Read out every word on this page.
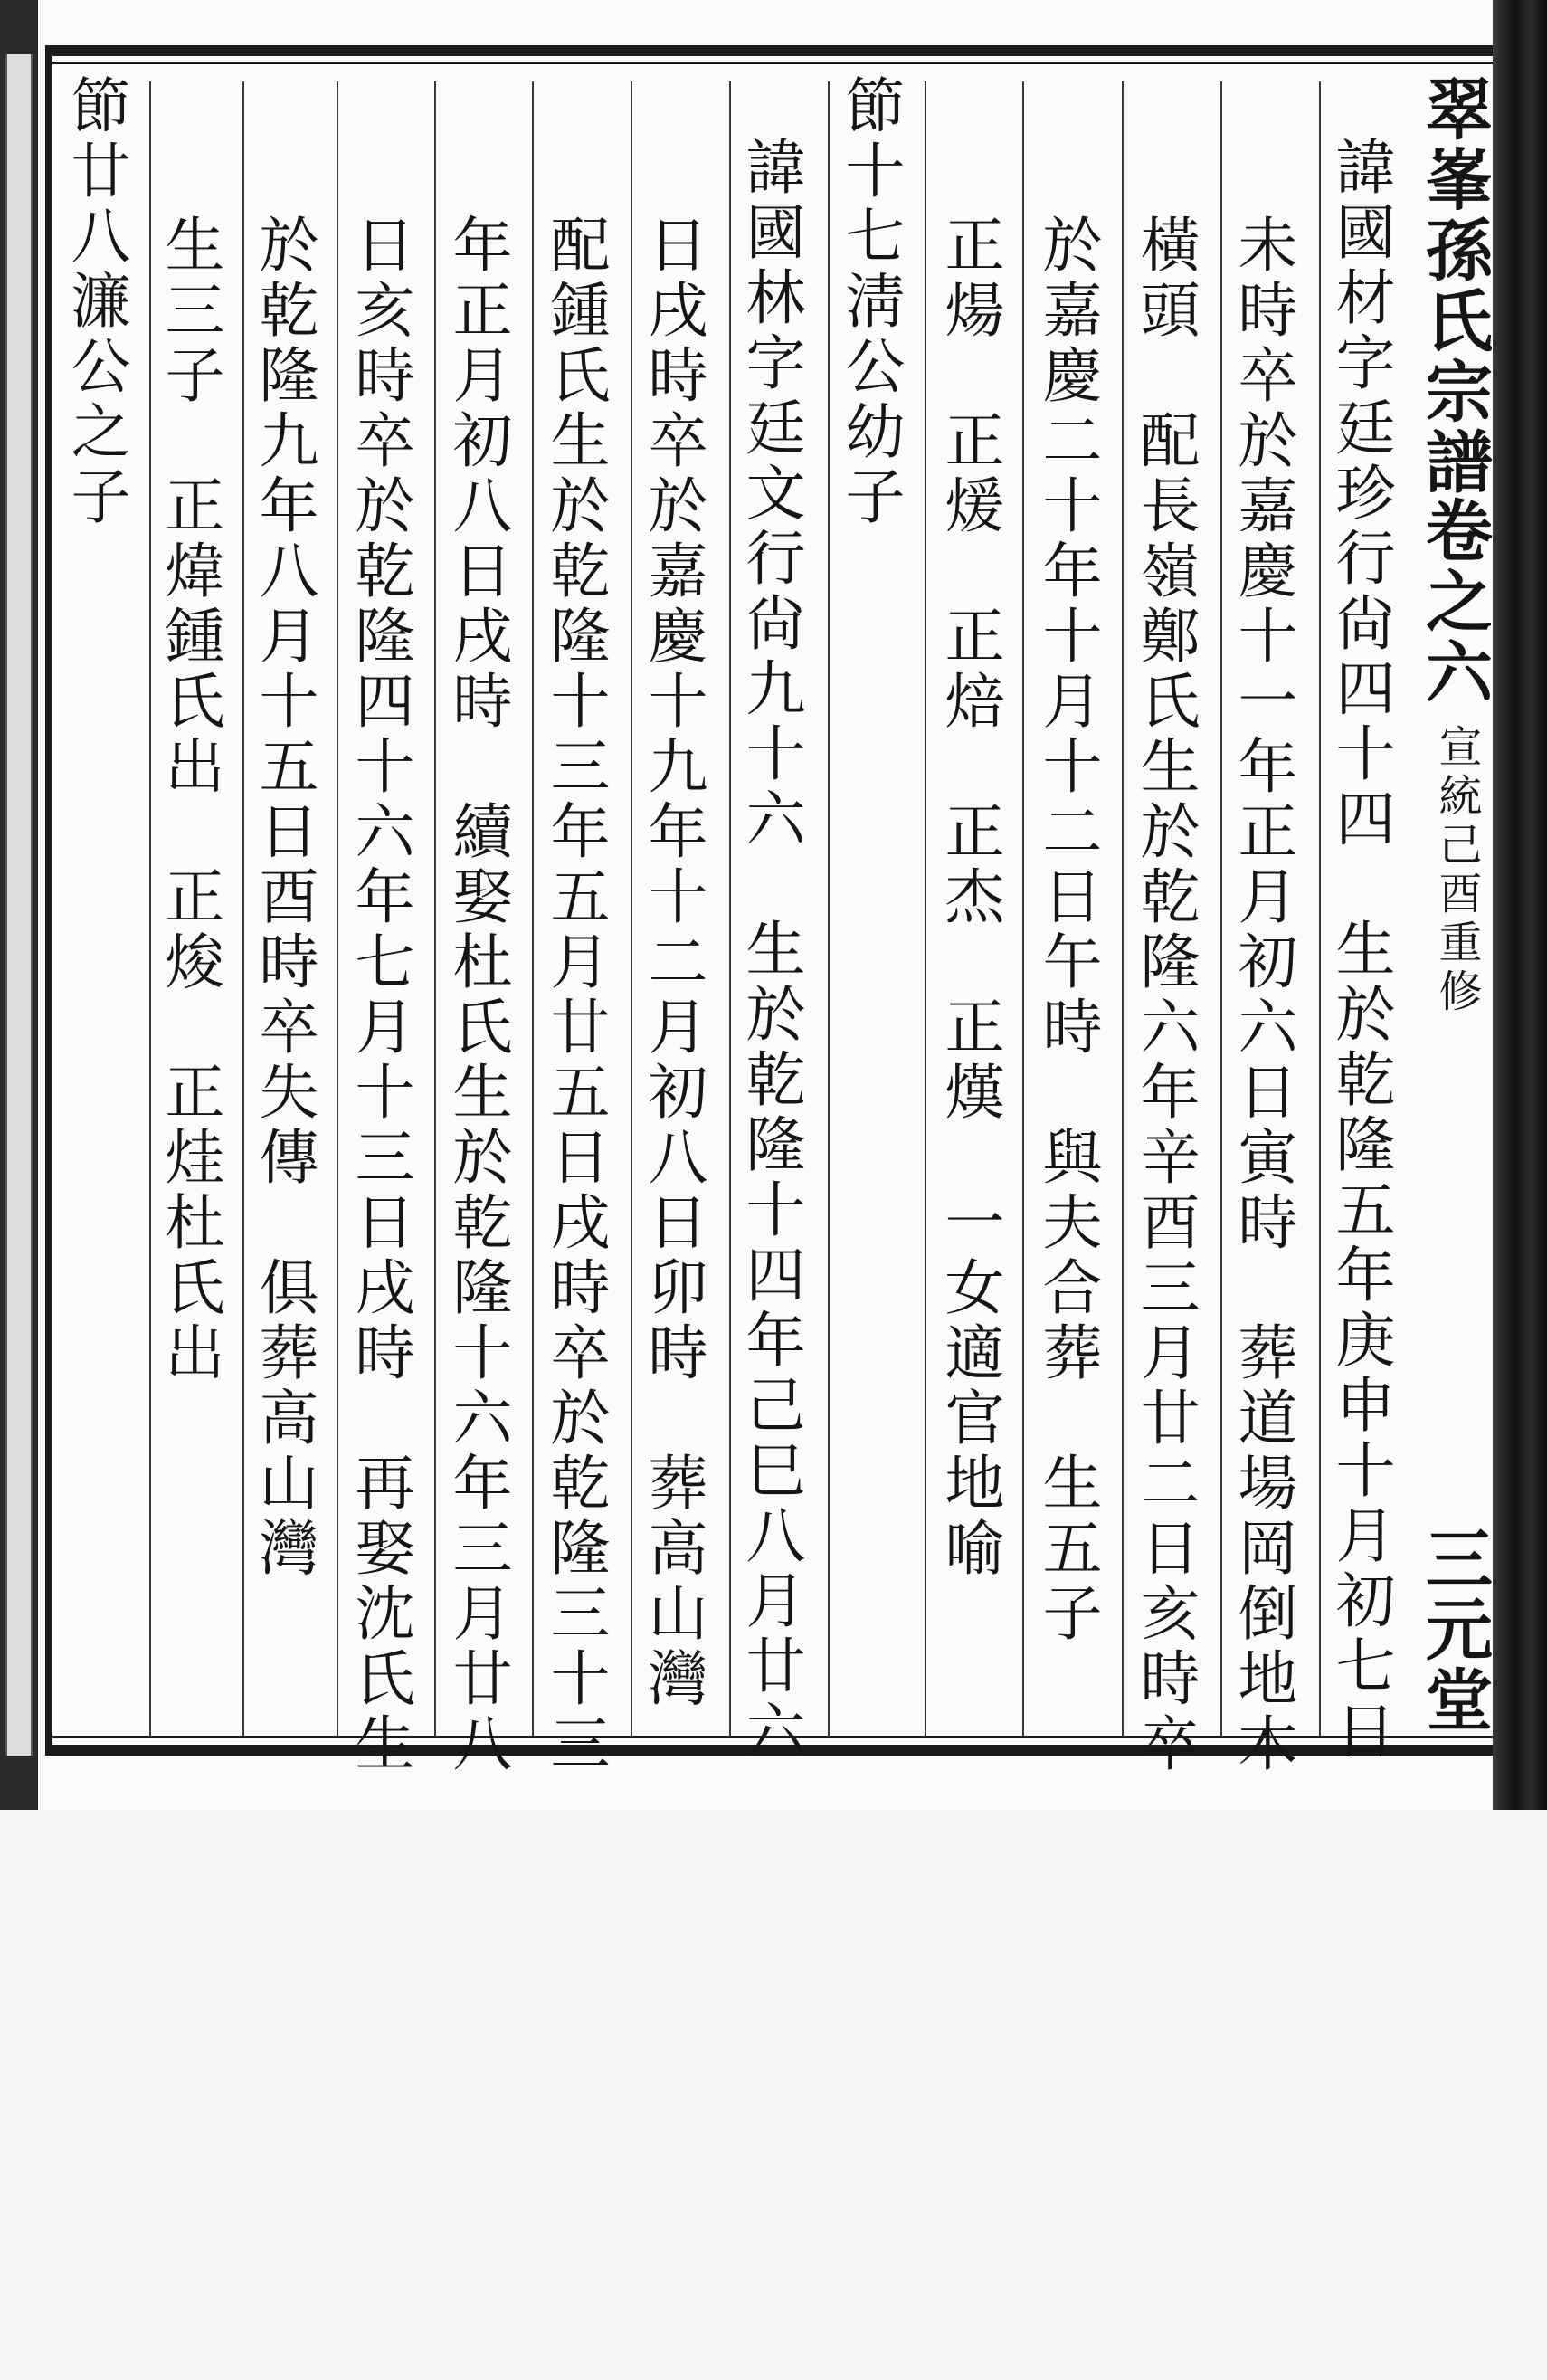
翠峯孫氏宗譜
卷之六
宣統己酉重修
三元堂
諱國材字廷珍行尙四十四　生於乾隆五年庚申十月初七日
未時卒於嘉慶十一年正月初六日寅時　葬道場岡倒地木
橫頭　配長嶺鄭氏生於乾隆六年辛酉三月廿二日亥時卒
於嘉慶二十年十月十二日午時　與夫合葬　生五子
正煬　正煖　正焙　正杰　正熯　一女適官地喻
節十七淸公幼子
諱國林字廷文行尙九十六　生於乾隆十四年己巳八月廿六
日戌時卒於嘉慶十九年十二月初八日卯時　葬高山灣
配鍾氏生於乾隆十三年五月廿五日戌時卒於乾隆三十三
年正月初八日戌時　續娶杜氏生於乾隆十六年三月廿八
日亥時卒於乾隆四十六年七月十三日戌時　再娶沈氏生
於乾隆九年八月十五日酉時卒失傳　俱葬高山灣
生三子　正煒鍾氏出　正焌　正烓杜氏出
節廿八濂公之子
